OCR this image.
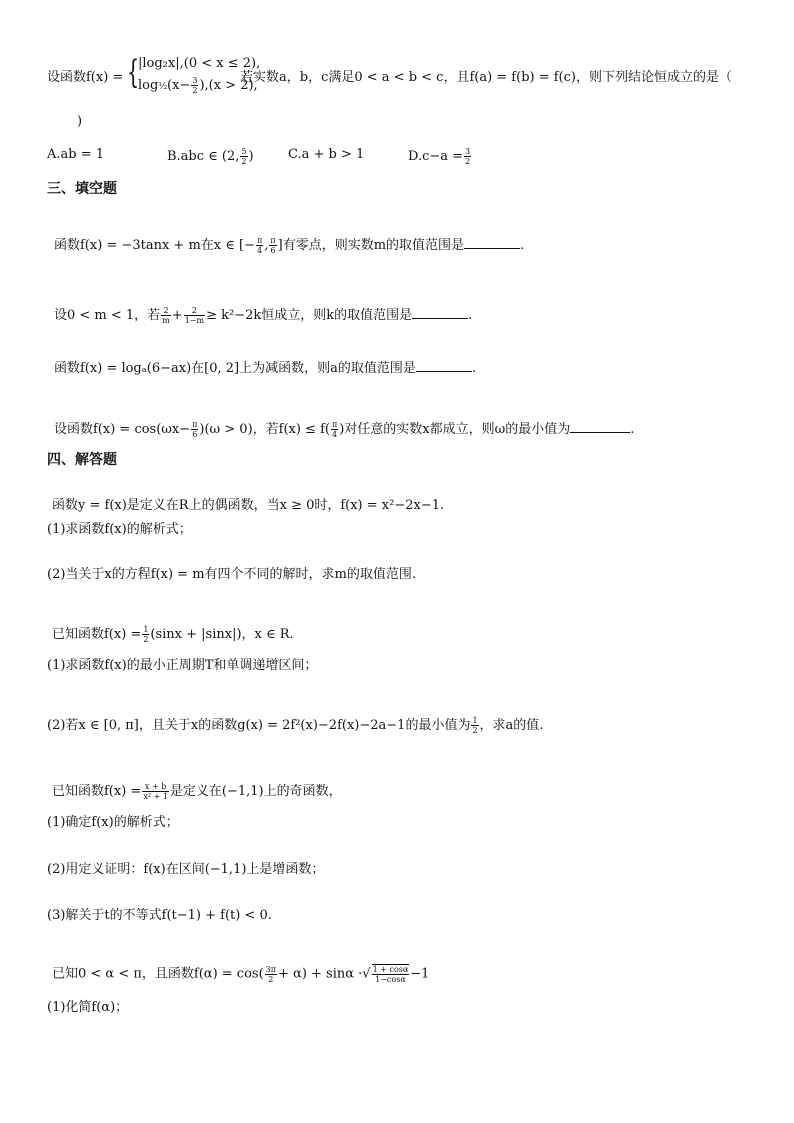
设函数f(x) = {
|log₂x|,(0 < x ≤ 2),
log½(x− $\frac{3}{2} ),(x > 2)$,
若实数a，b，c满足0 < a < b < c，且f(a) = f(b) = f(c)，则下列结论恒成立的是（
)
A.ab = 1	B.abc ∈ (2, $\frac{5}{2}$ )	C.a + b > 1	$D.c-a = \frac{3}{2}$
三、填空题
函数f(x) = −3tanx + m在x ∈ [− $\frac{\pi}{4}$ , $\frac{\pi}{6}$ ]有零点，则实数m的取值范围是	.
设0 < m < 1，若 $\frac{2}{m} + \frac{2}{1-m} \ge k^2-2k$恒成立，则k的取值范围是	.
函数f(x) = logₐ(6−ax)在[0, 2]上为减函数，则a的取值范围是	.
设函数$f(x) = \cos(\omega x- \frac{\pi}{6} )(\omega > 0)$，若$f(x) \le f( \frac{\pi}{4}$ )对任意的实数x都成立，则ω的最小值为	.
四、解答题
函数y = f(x)是定义在R上的偶函数，当x ≥ 0时，f(x) = x²−2x−1.
(1)求函数f(x)的解析式；
(2)当关于x的方程f(x) = m有四个不同的解时，求m的取值范围.
已知函数$f(x) = \frac{1}{2} (\sin x + |\sin x|)$，x ∈ R.
(1)求函数f(x)的最小正周期T和单调递增区间；
(2)若x ∈ [0, π]，且关于x的函数g(x) = 2f²(x)−2f(x)−2a−1的最小值为 $\frac{1}{2}$ ，求a的值.
已知函数$f(x) = \frac{x + b}{\text{x² + 1}}$ 是定义在(−1,1)上的奇函数，
(1)确定f(x)的解析式；
(2)用定义证明：f(x)在区间(−1,1)上是增函数；
(3)解关于t的不等式f(t−1) + f(t) < 0.
已知0 < α < π，且函数$f(\alpha) = \cos( \frac{3\pi}{2} + \alpha) + \sin\alpha$ ·√ $\frac{1 + \cos\alpha}{1-\cos\alpha} -1$
(1)化简f(α)；
